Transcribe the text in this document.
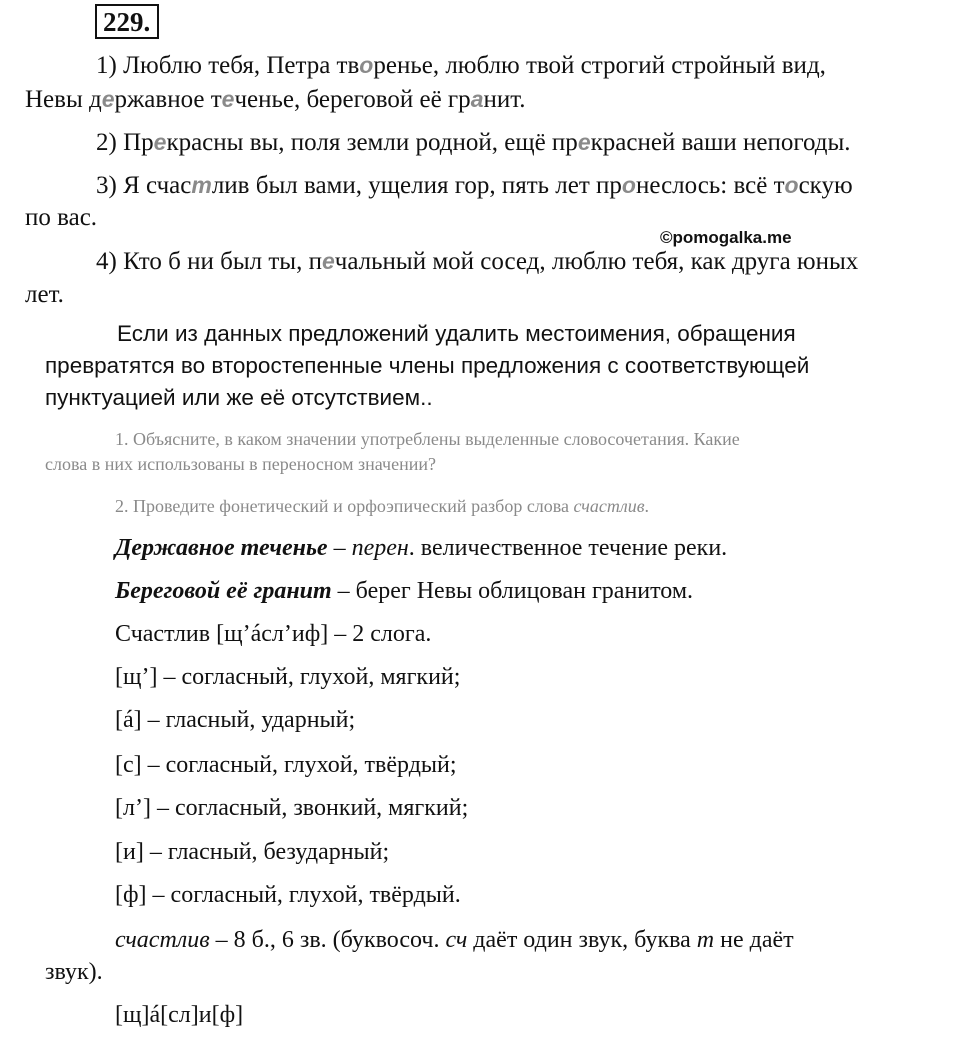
229.
1) Люблю тебя, Петра творенье, люблю твой строгий стройный вид,
Невы державное теченье, береговой её гранит.
2) Прекрасны вы, поля земли родной, ещё прекрасней ваши непогоды.
3) Я счастлив был вами, ущелия гор, пять лет пронеслось: всё тоскую
по вас.
©pomogalka.me
4) Кто б ни был ты, печальный мой сосед, люблю тебя, как друга юных
лет.
Если из данных предложений удалить местоимения, обращения
превратятся во второстепенные члены предложения с соответствующей
пунктуацией или же её отсутствием..
1. Объясните, в каком значении употреблены выделенные словосочетания. Какие
слова в них использованы в переносном значении?
2. Проведите фонетический и орфоэпический разбор слова счастлив.
Державное теченье – перен. величественное течение реки.
Береговой её гранит – берег Невы облицован гранитом.
Счастлив [щ’áсл’иф] – 2 слога.
[щ’] – согласный, глухой, мягкий;
[á] – гласный, ударный;
[с] – согласный, глухой, твёрдый;
[л’] – согласный, звонкий, мягкий;
[и] – гласный, безударный;
[ф] – согласный, глухой, твёрдый.
счастлив – 8 б., 6 зв. (буквосоч. сч даёт один звук, буква т не даёт
звук).
[щ]á[сл]и[ф]
